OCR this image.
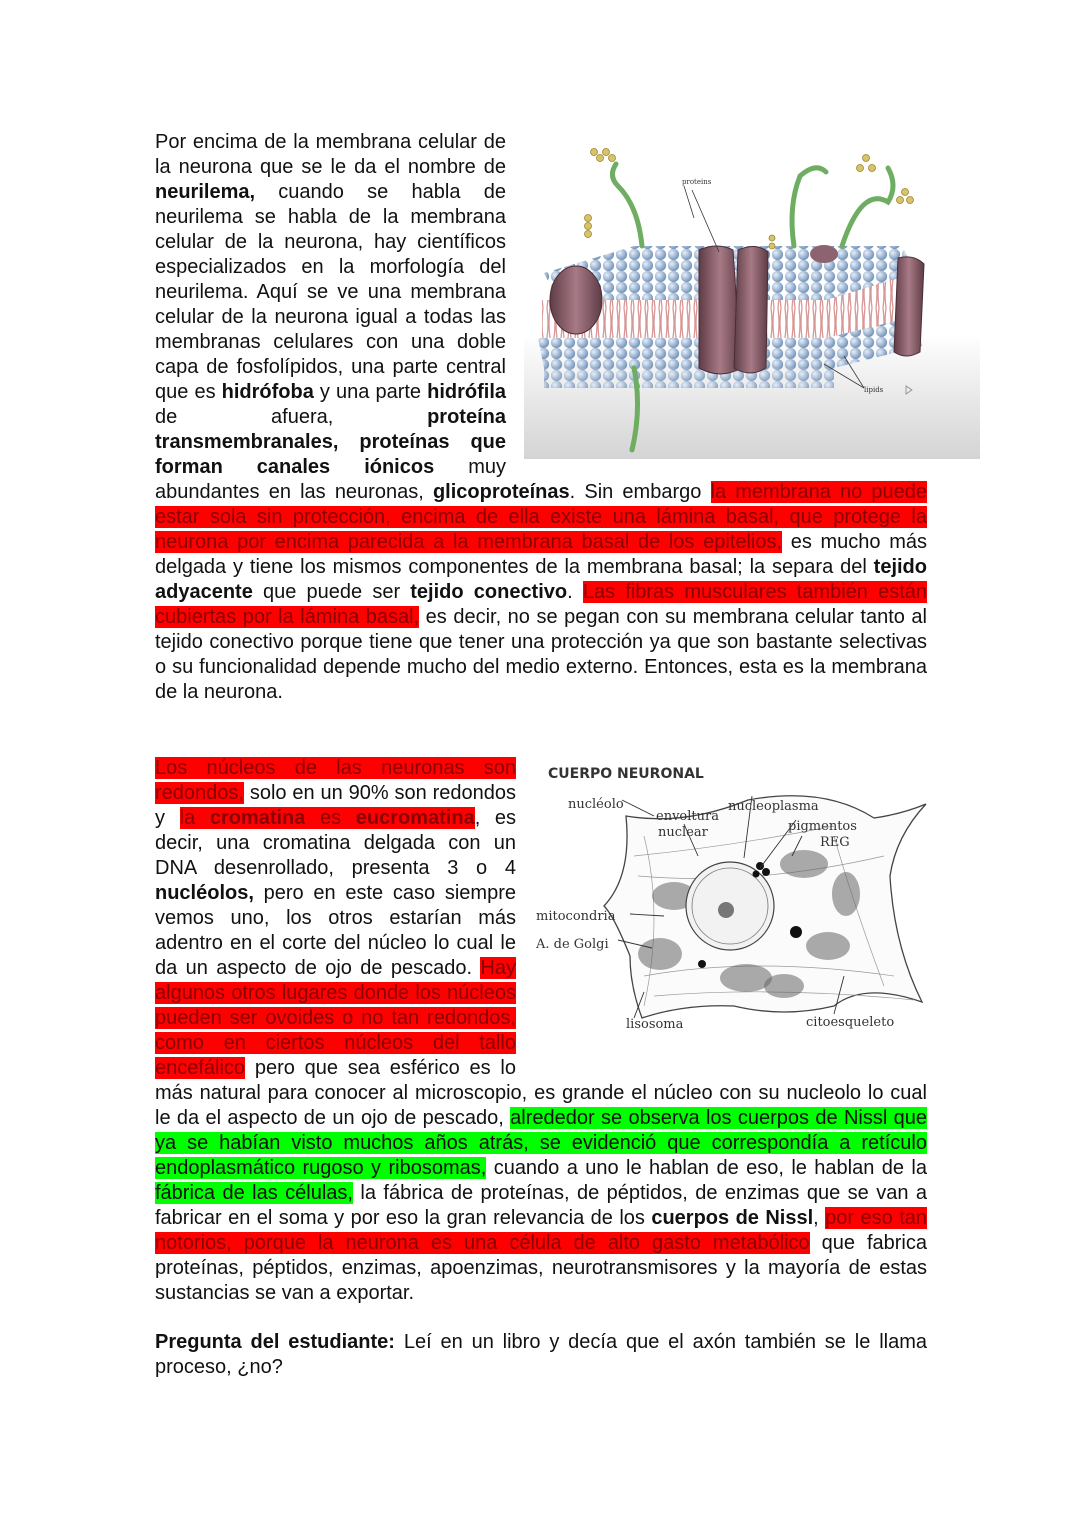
proteins
lipids
Por encima de la membrana celular de la neurona que se le da el nombre de neurilema, cuando se habla de neurilema se habla de la membrana celular de la neurona, hay científicos especializados en la morfología del neurilema. Aquí se ve una membrana celular de la neurona igual a todas las membranas celulares con una doble capa de fosfolípidos, una parte central que es hidrófoba y una parte hidrófila de afuera, proteína transmembranales, proteínas que forman canales iónicos muy abundantes en las neuronas, glicoproteínas. Sin embargo la membrana no puede estar sola sin protección, encima de ella existe una lámina basal, que protege la neurona por encima parecida a la membrana basal de los epitelios, es mucho más delgada y tiene los mismos componentes de la membrana basal; la separa del tejido adyacente que puede ser tejido conectivo. Las fibras musculares también están cubiertas por la lámina basal, es decir, no se pegan con su membrana celular tanto al tejido conectivo porque tiene que tener una protección ya que son bastante selectivas o su funcionalidad depende mucho del medio externo. Entonces, esta es la membrana de la neurona.

CUERPO NEURONAL
nucléolo
envoltura
nuclear
nucleoplasma
pigmentos
REG
mitocondria
A. de Golgi
lisosoma	citoesqueleto
Los núcleos de las neuronas son redondos, solo en un 90% son redondos y la cromatina es eucromatina, es decir, una cromatina delgada con un DNA desenrollado, presenta 3 o 4 nucléolos, pero en este caso siempre vemos uno, los otros estarían más adentro en el corte del núcleo lo cual le da un aspecto de ojo de pescado. Hay algunos otros lugares donde los núcleos pueden ser ovoides o no tan redondos, como en ciertos núcleos del tallo encefálico pero que sea esférico es lo más natural para conocer al microscopio, es grande el núcleo con su nucleolo lo cual le da el aspecto de un ojo de pescado, alrededor se observa los cuerpos de Nissl que ya se habían visto muchos años atrás, se evidenció que correspondía a retículo endoplasmático rugoso y ribosomas, cuando a uno le hablan de eso, le hablan de la fábrica de las células, la fábrica de proteínas, de péptidos, de enzimas que se van a fabricar en el soma y por eso la gran relevancia de los cuerpos de Nissl, por eso tan notorios, porque la neurona es una célula de alto gasto metabólico que fabrica proteínas, péptidos, enzimas, apoenzimas, neurotransmisores y la mayoría de estas sustancias se van a exportar.

Pregunta del estudiante: Leí en un libro y decía que el axón también se le llama proceso, ¿no?
